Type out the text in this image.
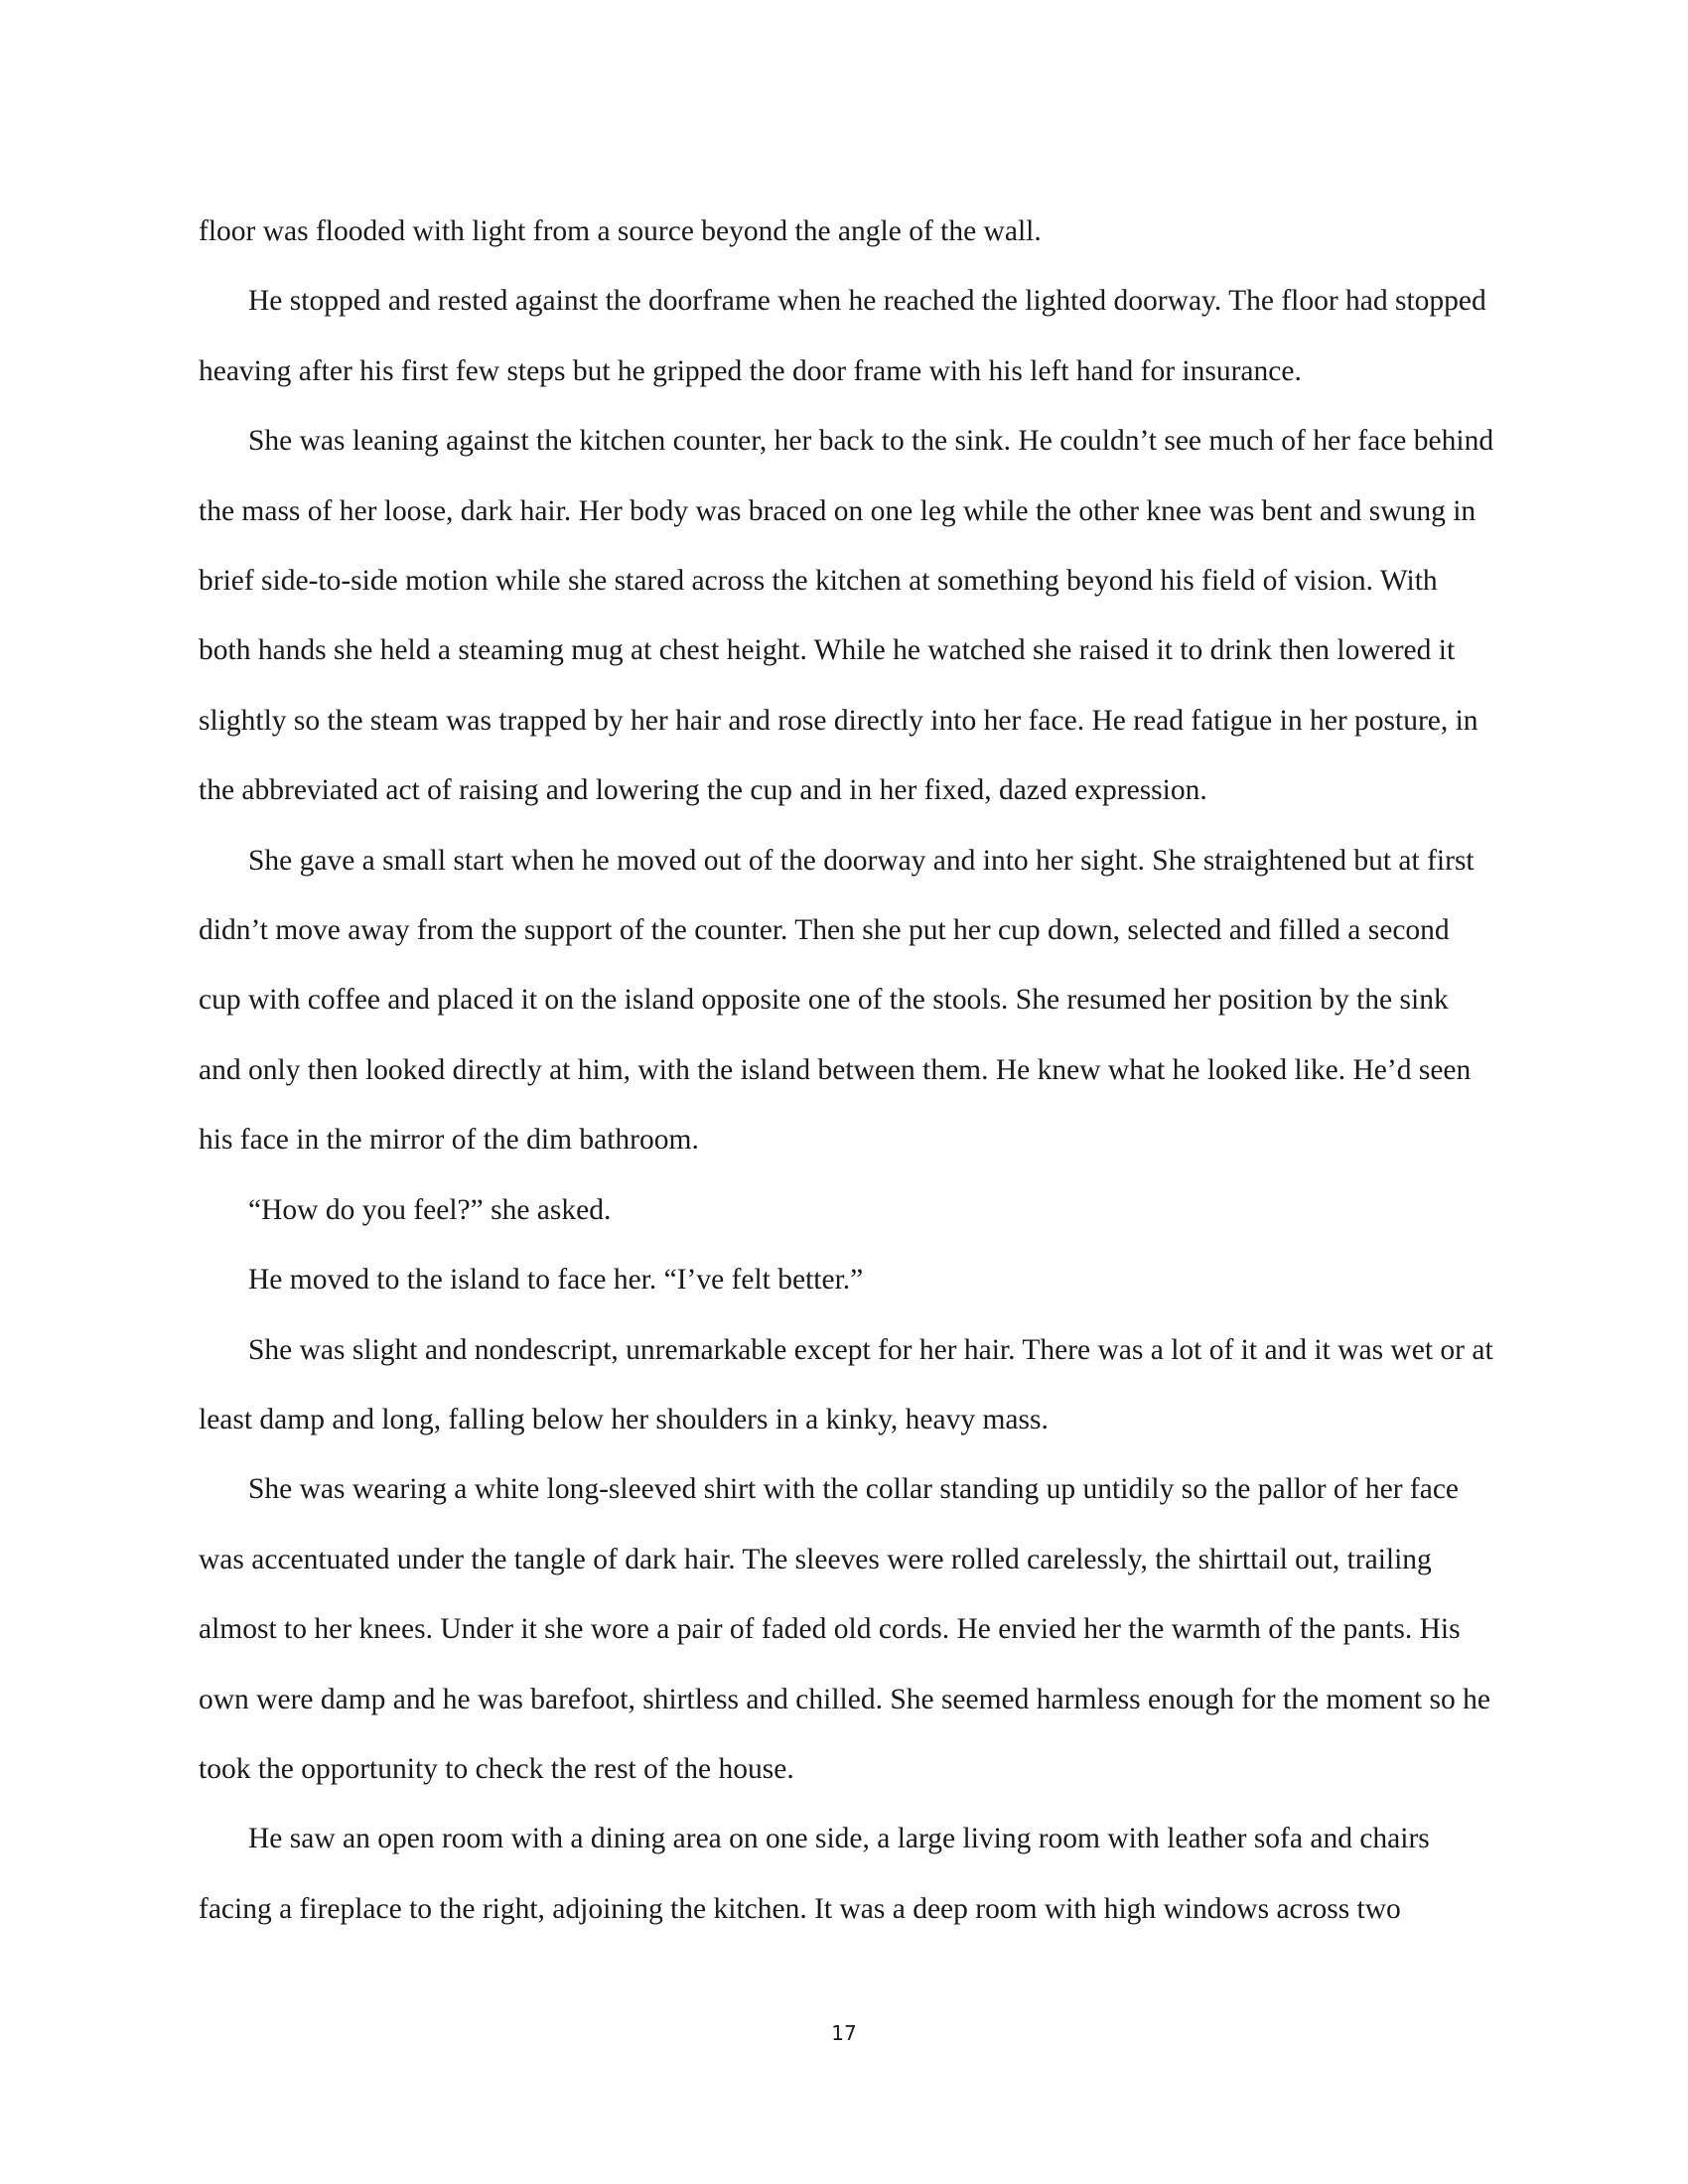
floor was flooded with light from a source beyond the angle of the wall.

He stopped and rested against the doorframe when he reached the lighted doorway. The floor had stopped heaving after his first few steps but he gripped the door frame with his left hand for insurance.

She was leaning against the kitchen counter, her back to the sink. He couldn’t see much of her face behind the mass of her loose, dark hair. Her body was braced on one leg while the other knee was bent and swung in brief side-to-side motion while she stared across the kitchen at something beyond his field of vision. With both hands she held a steaming mug at chest height. While he watched she raised it to drink then lowered it slightly so the steam was trapped by her hair and rose directly into her face. He read fatigue in her posture, in the abbreviated act of raising and lowering the cup and in her fixed, dazed expression.

She gave a small start when he moved out of the doorway and into her sight. She straightened but at first didn’t move away from the support of the counter. Then she put her cup down, selected and filled a second cup with coffee and placed it on the island opposite one of the stools. She resumed her position by the sink and only then looked directly at him, with the island between them. He knew what he looked like. He’d seen his face in the mirror of the dim bathroom.

“How do you feel?” she asked.

He moved to the island to face her. “I’ve felt better.”

She was slight and nondescript, unremarkable except for her hair. There was a lot of it and it was wet or at least damp and long, falling below her shoulders in a kinky, heavy mass.

She was wearing a white long-sleeved shirt with the collar standing up untidily so the pallor of her face was accentuated under the tangle of dark hair. The sleeves were rolled carelessly, the shirttail out, trailing almost to her knees. Under it she wore a pair of faded old cords. He envied her the warmth of the pants. His own were damp and he was barefoot, shirtless and chilled. She seemed harmless enough for the moment so he took the opportunity to check the rest of the house.

He saw an open room with a dining area on one side, a large living room with leather sofa and chairs facing a fireplace to the right, adjoining the kitchen. It was a deep room with high windows across two

17
